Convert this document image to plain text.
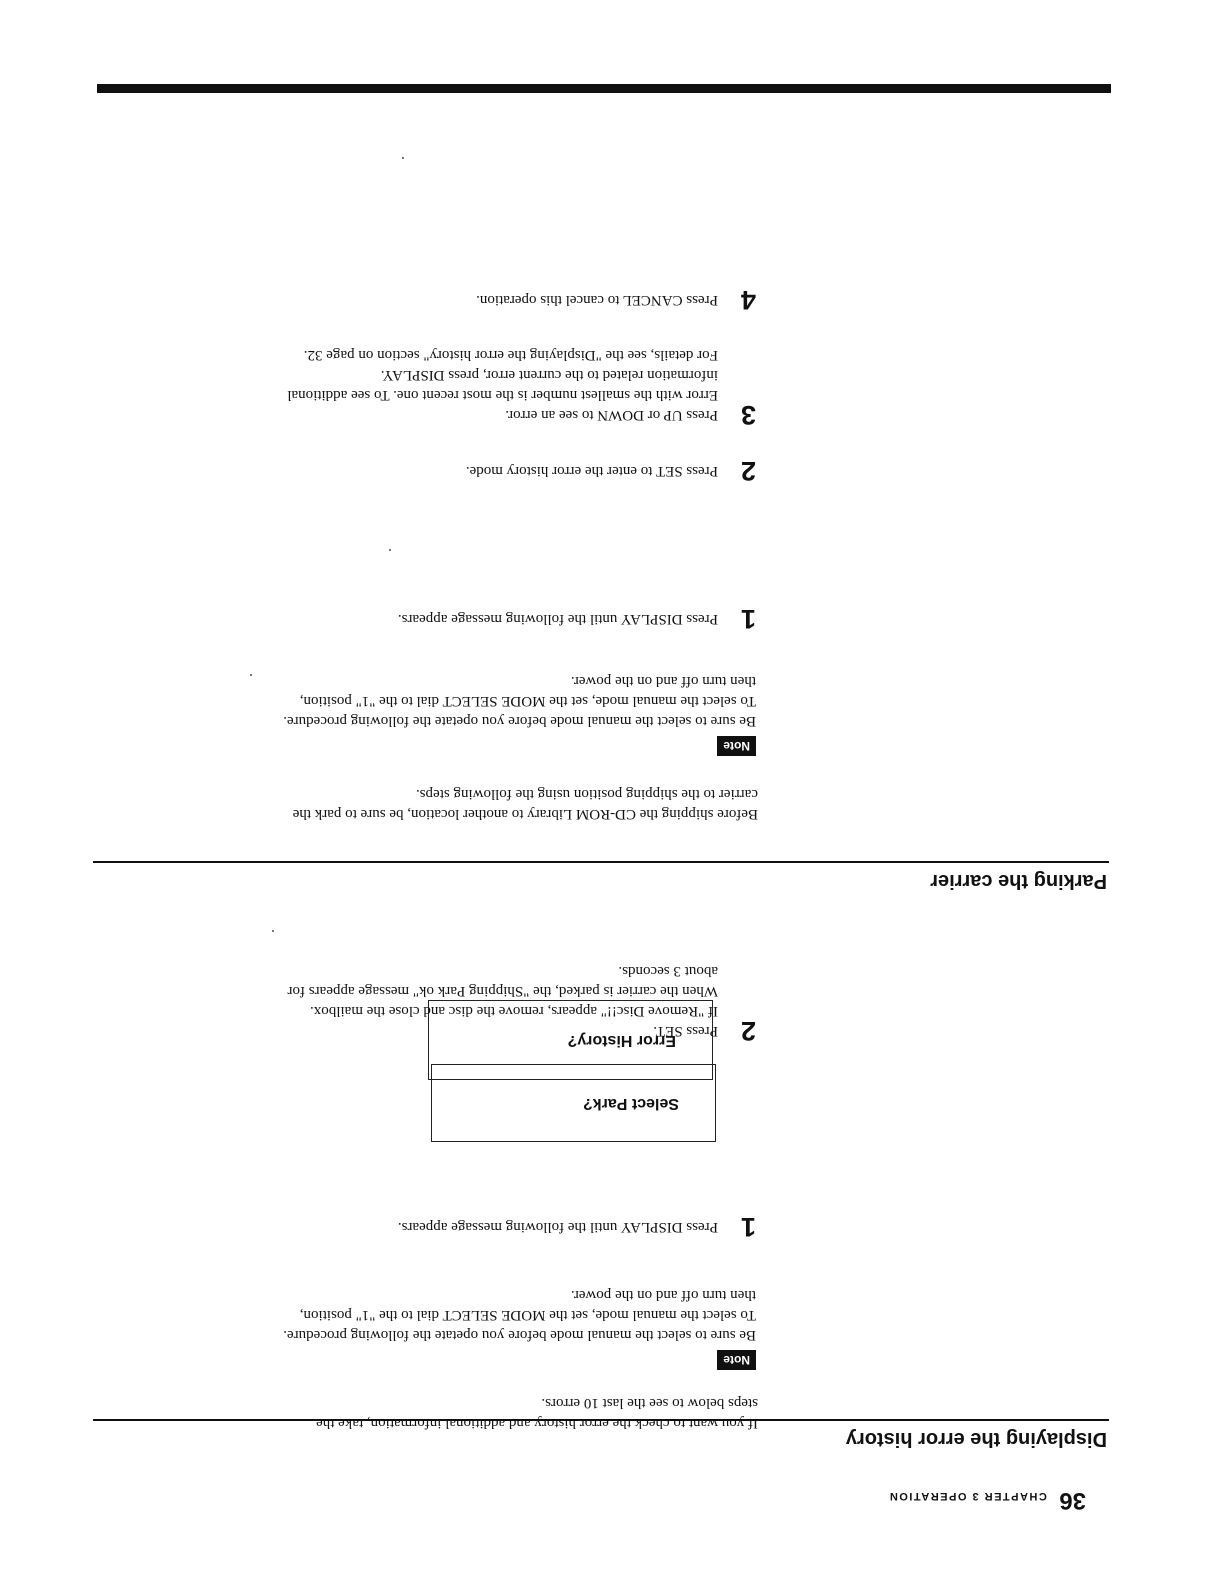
36 CHAPTER 3 OPERATION
Displaying the error history

If you want to check the error history and additional information, take the

steps below to see the last 10 errors.

Note

Be sure to select the manual mode before you opetate the following procedure.

To select the manual mode, set the MODE SELECT dial to the "1" position,

then turn off and on the power.

1

Press DISPLAY until the following message appears.

Error History?
2

Press SET to enter the error history mode.

3

Press UP or DOWN to see an error.

Error with the smallest number is the most recent one. To see additional

information related to the current error, press DISPLAY.

For details, see the "Displaying the error history" section on page 32.

4

Press CANCEL to cancel this operation.

Parking the carrier

Before shipping the CD-ROM Library to another location, be sure to park the

carrier to the shipping position using the following steps.

Note

Be sure to select the manual mode before you opetate the following procedure.

To select the manual mode, set the MODE SELECT dial to the "1" position,

then turn off and on the power.

1

Press DISPLAY until the following message appears.

Select Park?
2

Press SET.

If "Remove Disc!!" appears, remove the disc and close the mailbox.

When the carrier is parked, the "Shipping Park ok" message appears for

about 3 seconds.
